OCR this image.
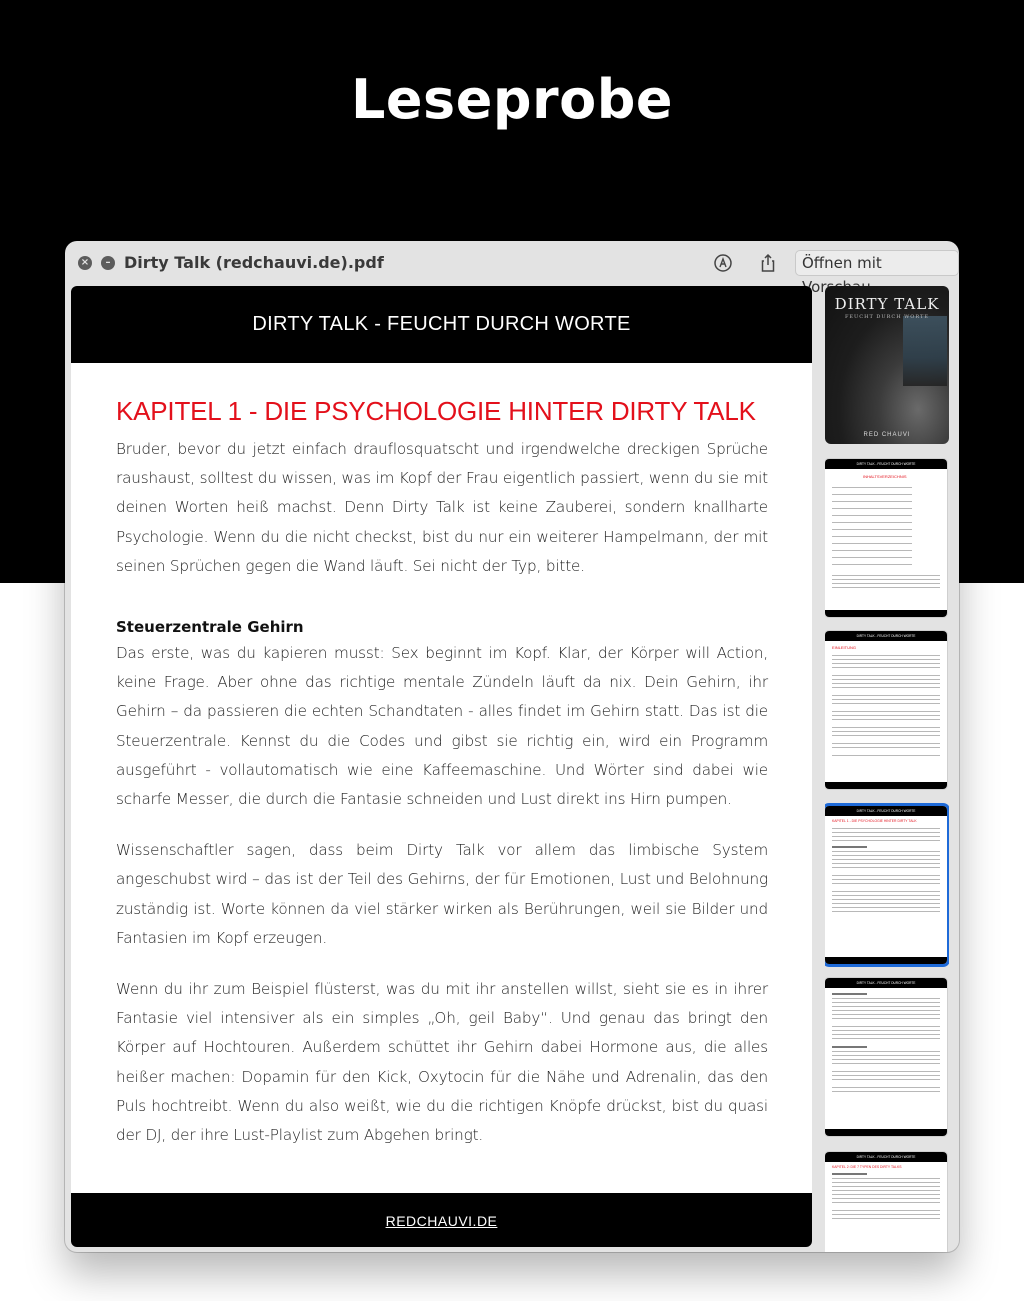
Leseprobe
×	– Dirty Talk (redchauvi.de).pdf	Öffnen mit
DIRTY TALK - FEUCHT DURCH WORTE
KAPITEL 1 - DIE PSYCHOLOGIE HINTER DIRTY TALK

Bruder, bevor du jetzt einfach drauflosquatscht und irgendwelche dreckigen Sprüche raushaust, solltest du wissen, was im Kopf der Frau eigentlich passiert, wenn du sie mit deinen Worten heiß machst. Denn Dirty Talk ist keine Zauberei, sondern knallharte Psychologie. Wenn du die nicht checkst, bist du nur ein weiterer Hampelmann, der mit seinen Sprüchen gegen die Wand läuft. Sei nicht der Typ, bitte.

Steuerzentrale Gehirn

Das erste, was du kapieren musst: Sex beginnt im Kopf. Klar, der Körper will Action, keine Frage. Aber ohne das richtige mentale Zündeln läuft da nix. Dein Gehirn, ihr Gehirn – da passieren die echten Schandtaten - alles findet im Gehirn statt. Das ist die Steuerzentrale. Kennst du die Codes und gibst sie richtig ein, wird ein Programm ausgeführt - vollautomatisch wie eine Kaffeemaschine. Und Wörter sind dabei wie scharfe Messer, die durch die Fantasie schneiden und Lust direkt ins Hirn pumpen.

Wissenschaftler sagen, dass beim Dirty Talk vor allem das limbische System angeschubst wird – das ist der Teil des Gehirns, der für Emotionen, Lust und Belohnung zuständig ist. Worte können da viel stärker wirken als Berührungen, weil sie Bilder und Fantasien im Kopf erzeugen.

Wenn du ihr zum Beispiel flüsterst, was du mit ihr anstellen willst, sieht sie es in ihrer Fantasie viel intensiver als ein simples „Oh, geil Baby“. Und genau das bringt den Körper auf Hochtouren. Außerdem schüttet ihr Gehirn dabei Hormone aus, die alles heißer machen: Dopamin für den Kick, Oxytocin für die Nähe und Adrenalin, das den Puls hochtreibt. Wenn du also weißt, wie du die richtigen Knöpfe drückst, bist du quasi der DJ, der ihre Lust-Playlist zum Abgehen bringt.

REDCHAUVI.DE
DIRTY TALK
FEUCHT DURCH WORTE
RED CHAUVI
DIRTY TALK - FEUCHT DURCH WORTE
INHALTSVERZEICHNIS
DIRTY TALK - FEUCHT DURCH WORTE
EINLEITUNG
DIRTY TALK - FEUCHT DURCH WORTE
KAPITEL 1 - DIE PSYCHOLOGIE HINTER DIRTY TALK
DIRTY TALK - FEUCHT DURCH WORTE
DIRTY TALK - FEUCHT DURCH WORTE
KAPITEL 2: DIE 7 TYPEN DES DIRTY TALKS
